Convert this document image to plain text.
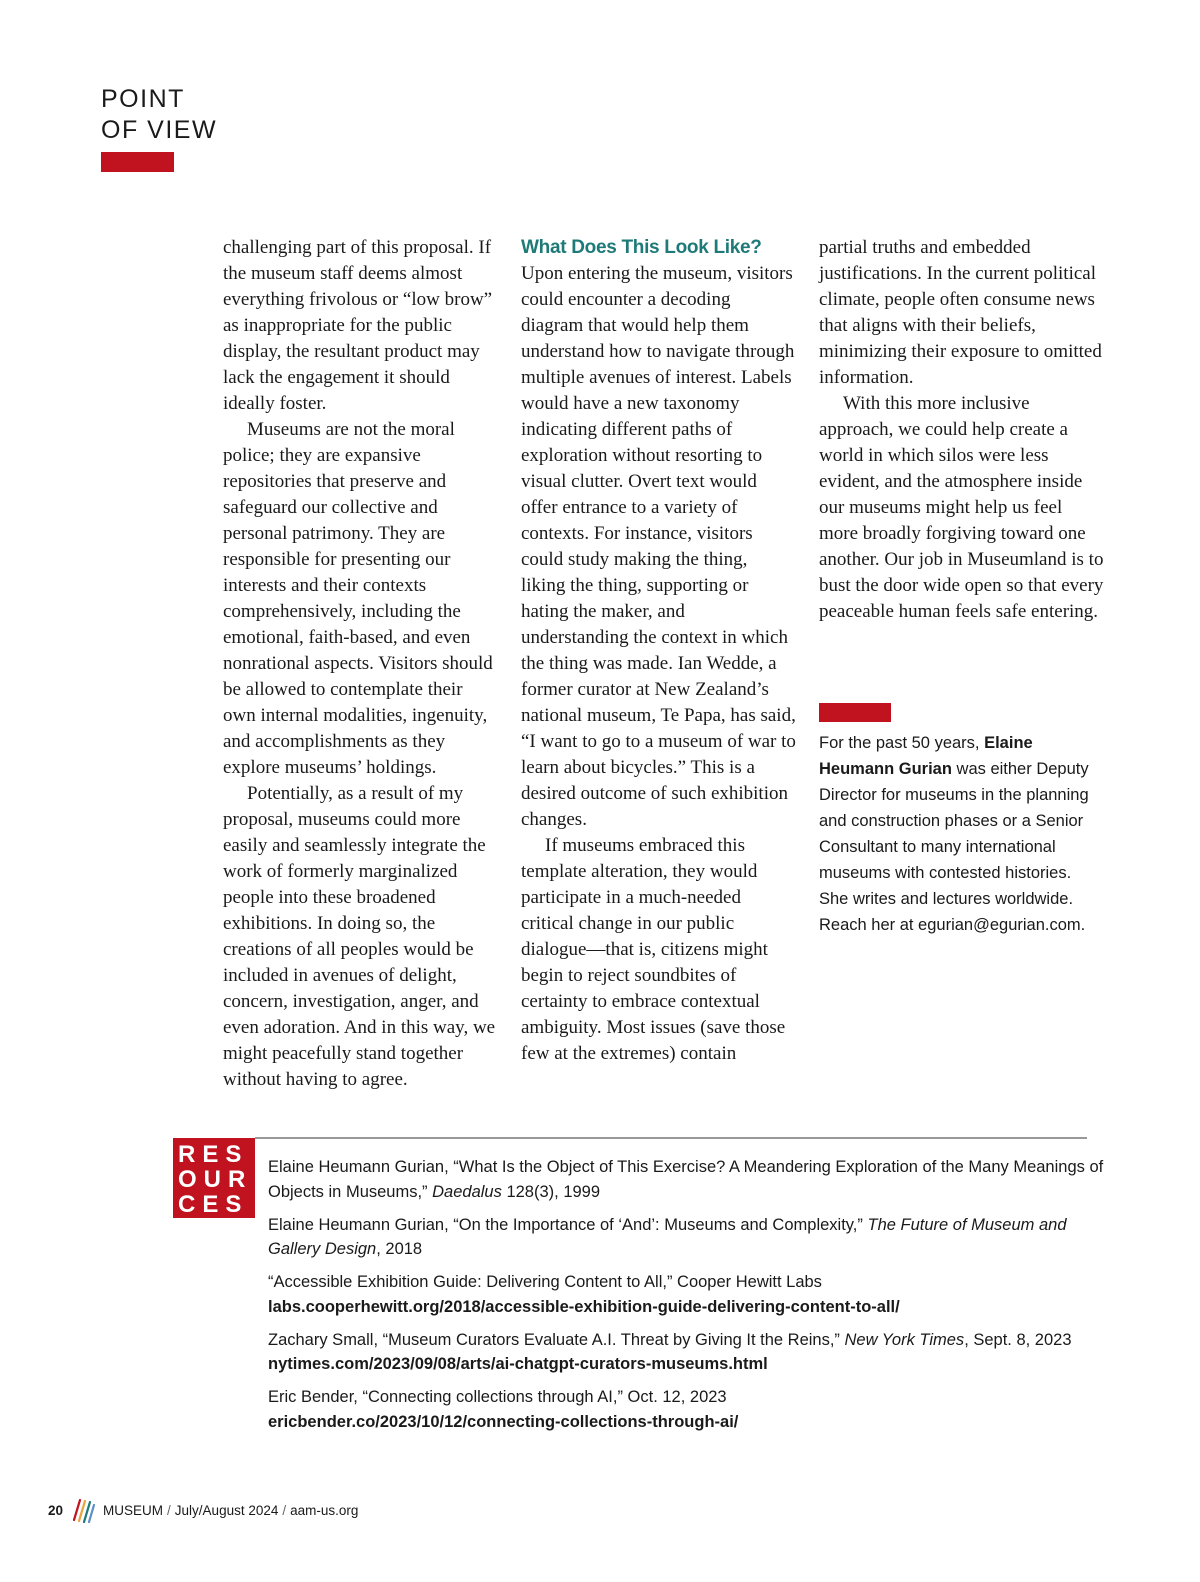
POINT
OF VIEW

challenging part of this proposal. If the museum staff deems almost everything frivolous or “low brow” as inappropriate for the public display, the resultant product may lack the engagement it should ideally foster.

Museums are not the moral police; they are expansive repositories that preserve and safeguard our collective and personal patrimony. They are responsible for presenting our interests and their contexts comprehensively, including the emotional, faith-based, and even nonrational aspects. Visitors should be allowed to contemplate their own internal modalities, ingenuity, and accomplishments as they explore museums’ holdings.

Potentially, as a result of my proposal, museums could more easily and seamlessly integrate the work of formerly marginalized people into these broadened exhibitions. In doing so, the creations of all peoples would be included in avenues of delight, concern, investigation, anger, and even adoration. And in this way, we might peacefully stand together without having to agree.

What Does This Look Like?

Upon entering the museum, visitors could encounter a decoding diagram that would help them understand how to navigate through multiple avenues of interest. Labels would have a new taxonomy indicating different paths of exploration without resorting to visual clutter. Overt text would offer entrance to a variety of contexts. For instance, visitors could study making the thing, liking the thing, supporting or hating the maker, and understanding the context in which the thing was made. Ian Wedde, a former curator at New Zealand’s national museum, Te Papa, has said, “I want to go to a museum of war to learn about bicycles.” This is a desired outcome of such exhibition changes.

If museums embraced this template alteration, they would participate in a much-needed critical change in our public dialogue—that is, citizens might begin to reject soundbites of certainty to embrace contextual ambiguity. Most issues (save those few at the extremes) contain

partial truths and embedded justifications. In the current political climate, people often consume news that aligns with their beliefs, minimizing their exposure to omitted information.

With this more inclusive approach, we could help create a world in which silos were less evident, and the atmosphere inside our museums might help us feel more broadly forgiving toward one another. Our job in Museumland is to bust the door wide open so that every peaceable human feels safe entering.

For the past 50 years, Elaine Heumann Gurian was either Deputy Director for museums in the planning and construction phases or a Senior Consultant to many international museums with contested histories. She writes and lectures worldwide. Reach her at egurian@egurian.com.
RES
OUR
CES
Elaine Heumann Gurian, “What Is the Object of This Exercise? A Meandering Exploration of the Many Meanings of Objects in Museums,” Daedalus 128(3), 1999
Elaine Heumann Gurian, “On the Importance of ‘And’: Museums and Complexity,” The Future of Museum and Gallery Design, 2018
“Accessible Exhibition Guide: Delivering Content to All,” Cooper Hewitt Labs
labs.cooperhewitt.org/2018/accessible-exhibition-guide-delivering-content-to-all/
Zachary Small, “Museum Curators Evaluate A.I. Threat by Giving It the Reins,” New York Times, Sept. 8, 2023
nytimes.com/2023/09/08/arts/ai-chatgpt-curators-museums.html
Eric Bender, “Connecting collections through AI,” Oct. 12, 2023
ericbender.co/2023/10/12/connecting-collections-through-ai/
20	MUSEUM / July/August 2024 / aam-us.org
